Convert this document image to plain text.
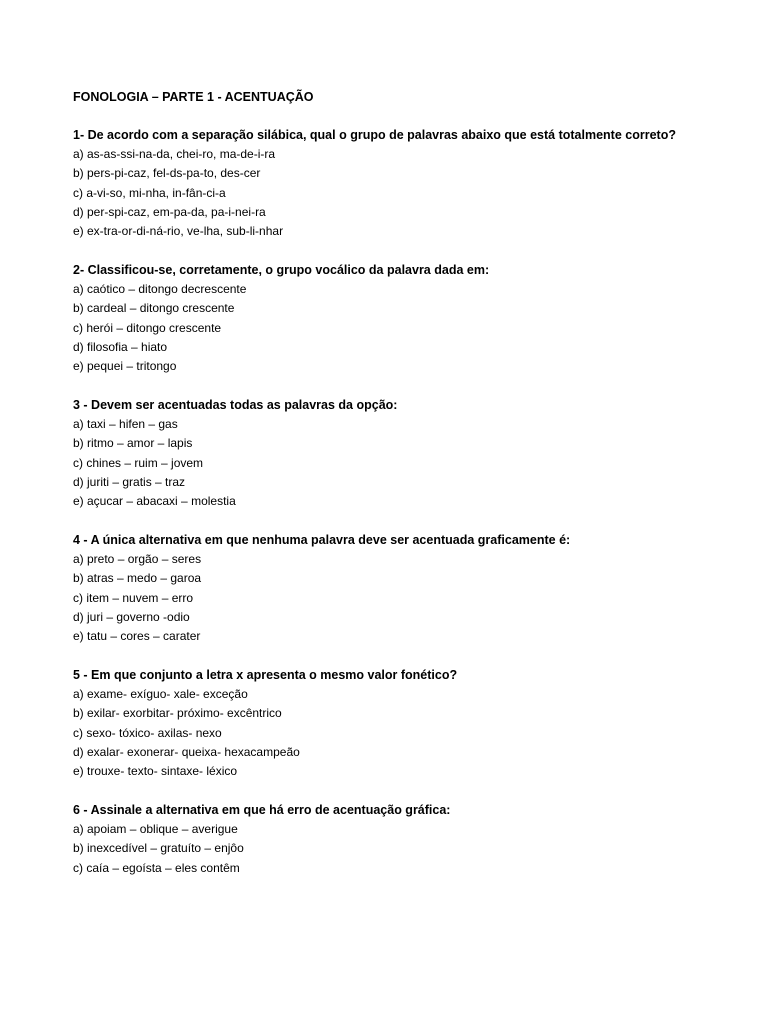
FONOLOGIA – PARTE 1 - ACENTUAÇÃO

1- De acordo com a separação silábica, qual o grupo de palavras abaixo que está totalmente correto?

a) as-as-ssi-na-da, chei-ro, ma-de-i-ra
b) pers-pi-caz, fel-ds-pa-to, des-cer
c) a-vi-so, mi-nha, in-fân-ci-a
d) per-spi-caz, em-pa-da, pa-i-nei-ra
e) ex-tra-or-di-ná-rio, ve-lha, sub-li-nhar

2- Classificou-se, corretamente, o grupo vocálico da palavra dada em:

a) caótico – ditongo decrescente
b) cardeal – ditongo crescente
c) herói – ditongo crescente
d) filosofia – hiato
e) pequei – tritongo

3 - Devem ser acentuadas todas as palavras da opção:

a) taxi – hifen – gas
b) ritmo – amor – lapis
c) chines – ruim – jovem
d) juriti – gratis – traz
e) açucar – abacaxi – molestia

4 - A única alternativa em que nenhuma palavra deve ser acentuada graficamente é:

a) preto – orgão – seres
b) atras – medo – garoa
c) item – nuvem – erro
d) juri – governo -odio
e) tatu – cores – carater

5 - Em que conjunto a letra x apresenta o mesmo valor fonético?

a) exame- exíguo- xale- exceção
b) exilar- exorbitar- próximo- excêntrico
c) sexo- tóxico- axilas- nexo
d) exalar- exonerar- queixa- hexacampeão
e) trouxe- texto- sintaxe- léxico

6 - Assinale a alternativa em que há erro de acentuação gráfica:

a) apoiam – oblique – averigue
b) inexcedível – gratuíto – enjôo
c) caía – egoísta – eles contêm
